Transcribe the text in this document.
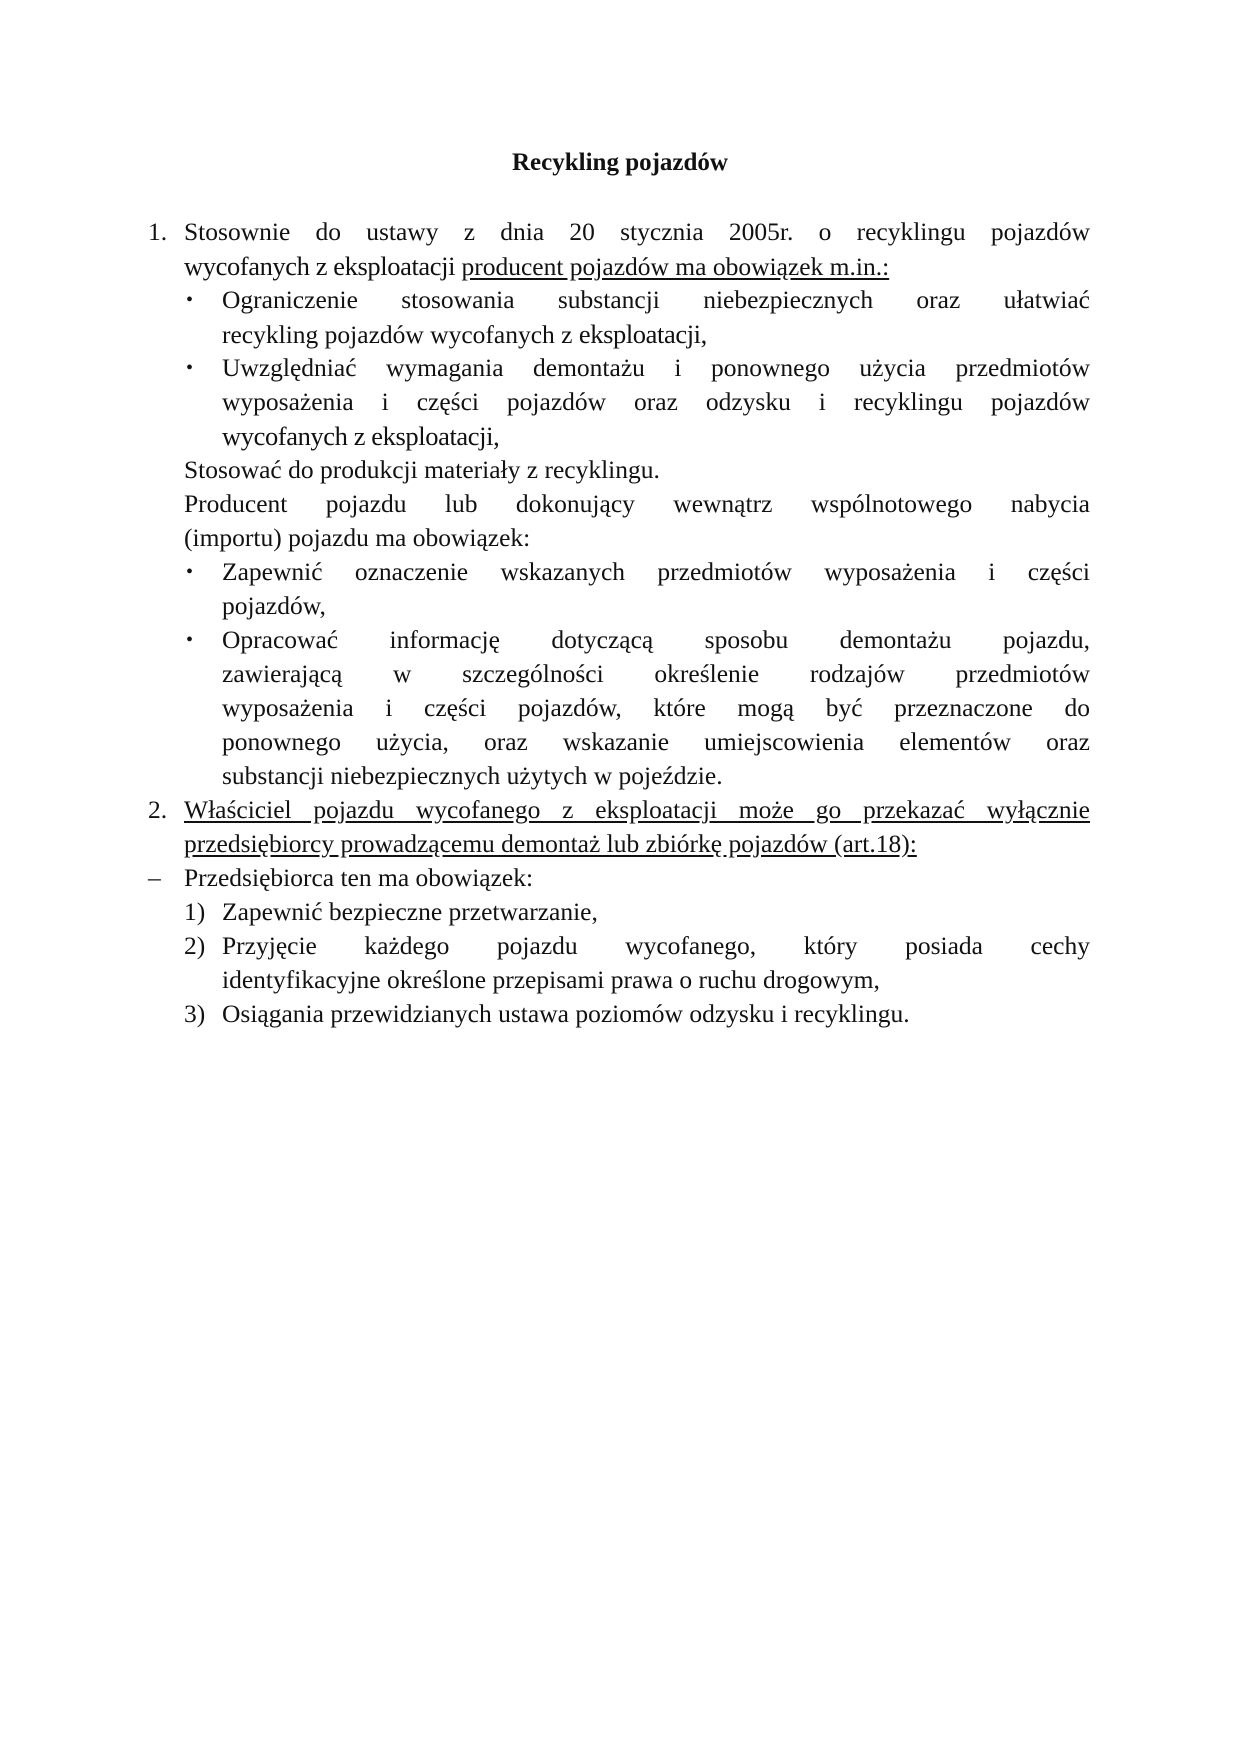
Recykling pojazdów
1. Stosownie do ustawy z dnia 20 stycznia 2005r. o recyklingu pojazdów
wycofanych z eksploatacji producent pojazdów ma obowiązek m.in.:
• Ograniczenie stosowania substancji niebezpiecznych oraz ułatwiać
recykling pojazdów wycofanych z eksploatacji,
• Uwzględniać wymagania demontażu i ponownego użycia przedmiotów
wyposażenia i części pojazdów oraz odzysku i recyklingu pojazdów
wycofanych z eksploatacji,
Stosować do produkcji materiały z recyklingu.
Producent pojazdu lub dokonujący wewnątrz wspólnotowego nabycia
(importu) pojazdu ma obowiązek:
• Zapewnić oznaczenie wskazanych przedmiotów wyposażenia i części
pojazdów,
• Opracować informację dotyczącą sposobu demontażu pojazdu,
zawierającą w szczególności określenie rodzajów przedmiotów
wyposażenia i części pojazdów, które mogą być przeznaczone do
ponownego użycia, oraz wskazanie umiejscowienia elementów oraz
substancji niebezpiecznych użytych w pojeździe.
2. Właściciel pojazdu wycofanego z eksploatacji może go przekazać wyłącznie
przedsiębiorcy prowadzącemu demontaż lub zbiórkę pojazdów (art.18):
– Przedsiębiorca ten ma obowiązek:
1) Zapewnić bezpieczne przetwarzanie,
2) Przyjęcie każdego pojazdu wycofanego, który posiada cechy
identyfikacyjne określone przepisami prawa o ruchu drogowym,
3) Osiągania przewidzianych ustawa poziomów odzysku i recyklingu.
